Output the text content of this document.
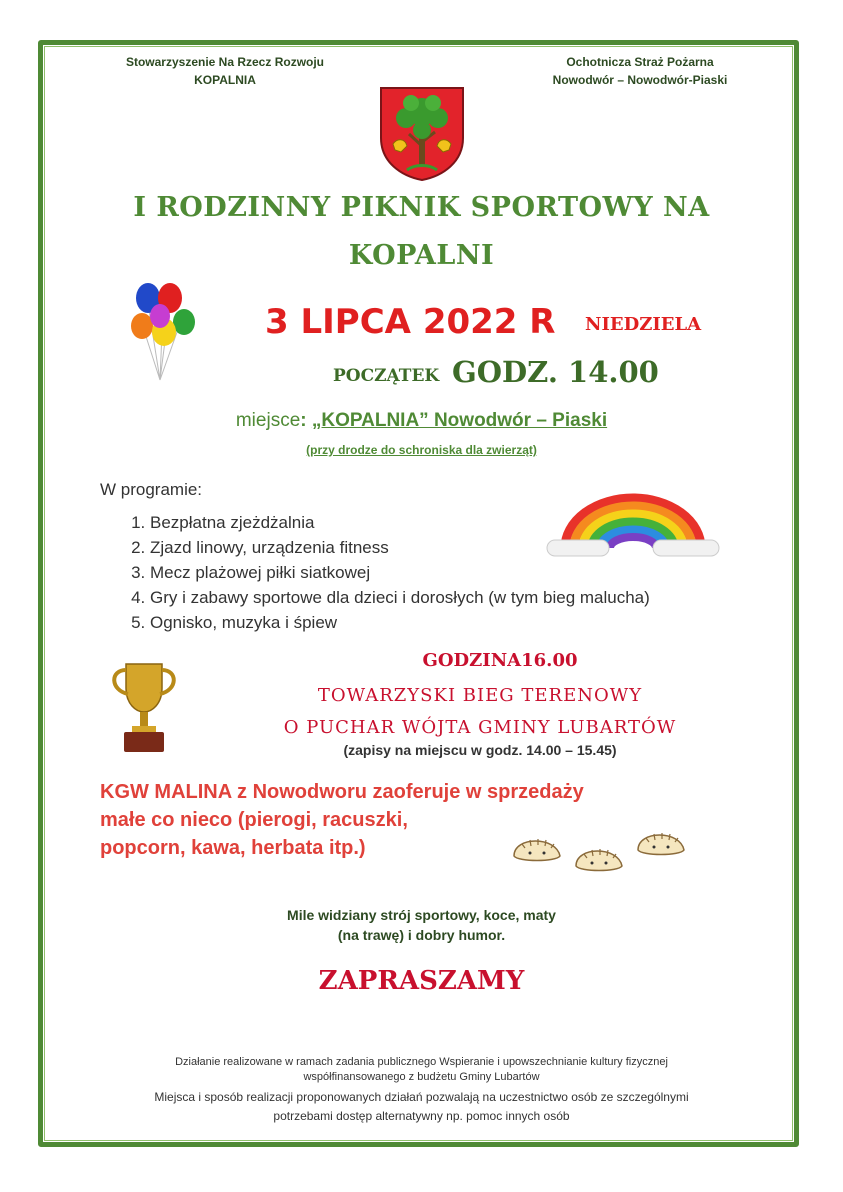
Stowarzyszenie Na Rzecz Rozwoju
KOPALNIA
Ochotnicza Straż Pożarna
Nowodwór – Nowodwór-Piaski
I RODZINNY PIKNIK SPORTOWY NA
KOPALNI
3 LIPCA 2022 R NIEDZIELA
POCZĄTEK GODZ. 14.00
miejsce: „KOPALNIA” Nowodwór – Piaski
(przy drodze do schroniska dla zwierząt)
W programie:
1. Bezpłatna zjeżdżalnia
2. Zjazd linowy, urządzenia fitness
3. Mecz plażowej piłki siatkowej
4. Gry i zabawy sportowe dla dzieci i dorosłych (w tym bieg malucha)
5. Ognisko, muzyka i śpiew
GODZINA16.00
TOWARZYSKI BIEG TERENOWY
O PUCHAR WÓJTA GMINY LUBARTÓW
(zapisy na miejscu w godz. 14.00 – 15.45)
KGW MALINA z Nowodworu zaoferuje w sprzedaży
małe co nieco (pierogi, racuszki,
popcorn, kawa, herbata itp.)
Mile widziany strój sportowy, koce, maty
(na trawę) i dobry humor.
ZAPRASZAMY
Działanie realizowane w ramach zadania publicznego Wspieranie i upowszechnianie kultury fizycznej
współfinansowanego z budżetu Gminy Lubartów
Miejsca i sposób realizacji proponowanych działań pozwalają na uczestnictwo osób ze szczególnymi
potrzebami dostęp alternatywny np. pomoc innych osób
